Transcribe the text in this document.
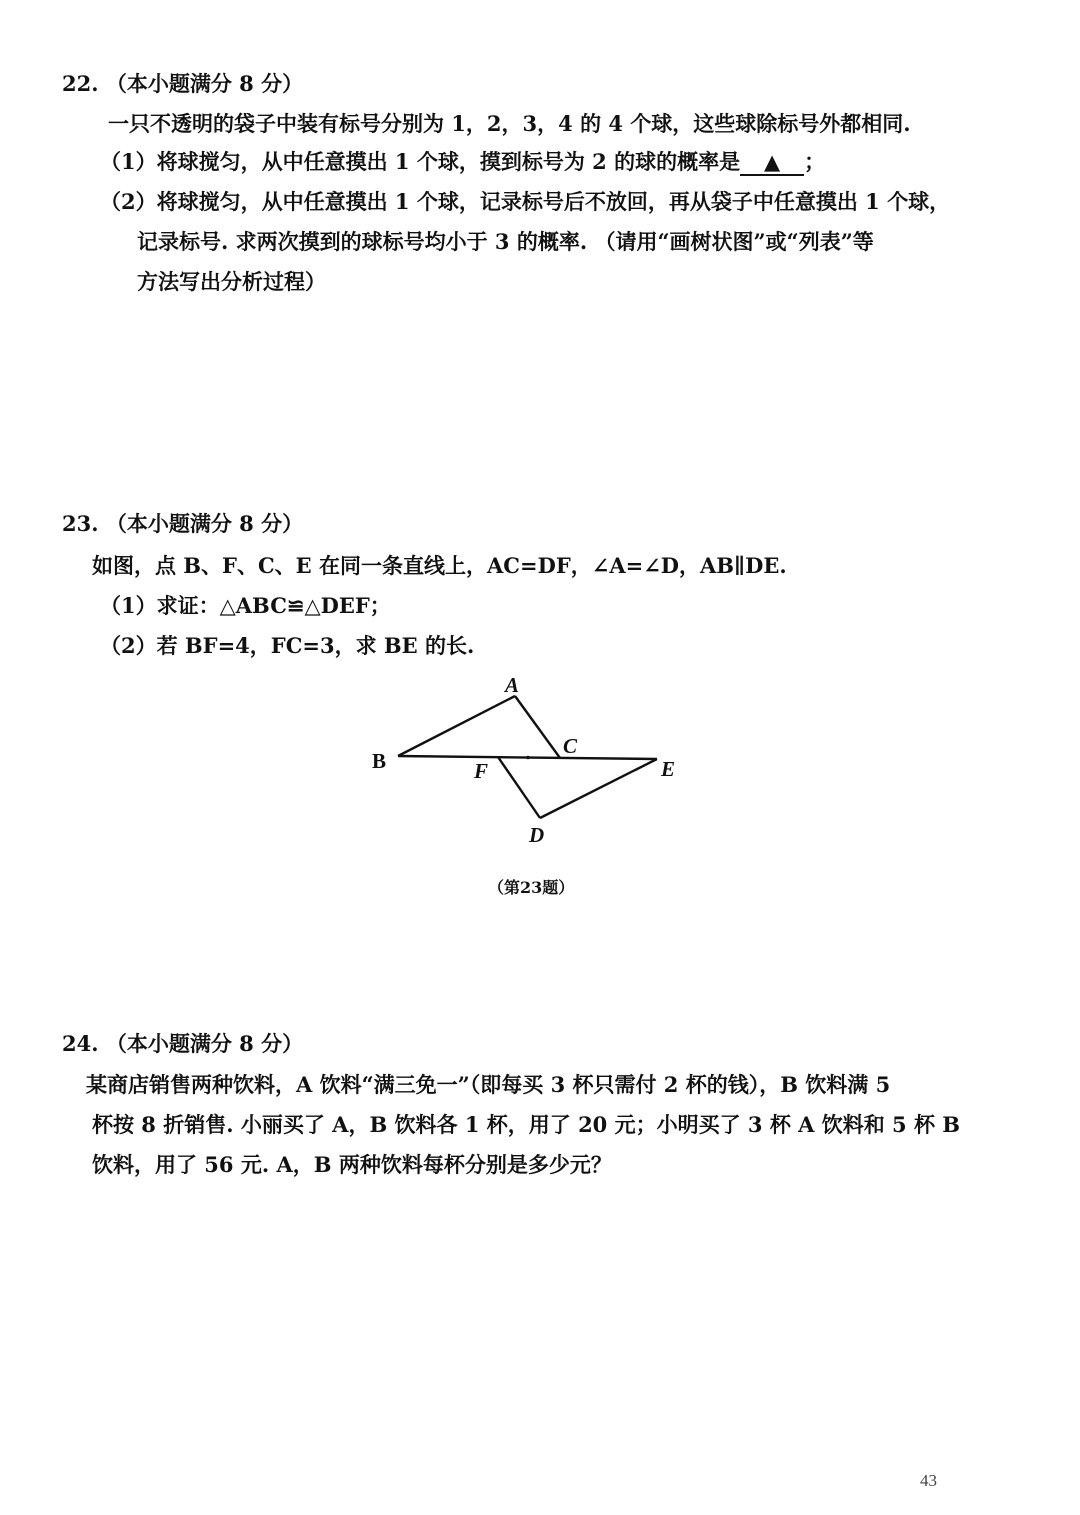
22. （本小题满分 8 分）
一只不透明的袋子中装有标号分别为 1，2，3，4 的 4 个球，这些球除标号外都相同.
（1）将球搅匀，从中任意摸出 1 个球，摸到标号为 2 的球的概率是 ▲ ；
（2）将球搅匀，从中任意摸出 1 个球，记录标号后不放回，再从袋子中任意摸出 1 个球，
记录标号. 求两次摸到的球标号均小于 3 的概率. （请用“画树状图”或“列表”等
方法写出分析过程）
23. （本小题满分 8 分）
如图，点 B、F、C、E 在同一条直线上，AC=DF，∠A=∠D，AB∥DE.
（1）求证：△ABC≌△DEF；
（2）若 BF=4，FC=3，求 BE 的长.
A
B
C
D
E
F
（第23题）
24. （本小题满分 8 分）
某商店销售两种饮料，A 饮料“满三免一”（即每买 3 杯只需付 2 杯的钱），B 饮料满 5
杯按 8 折销售. 小丽买了 A，B 饮料各 1 杯，用了 20 元；小明买了 3 杯 A 饮料和 5 杯 B
饮料，用了 56 元. A，B 两种饮料每杯分别是多少元？
43
